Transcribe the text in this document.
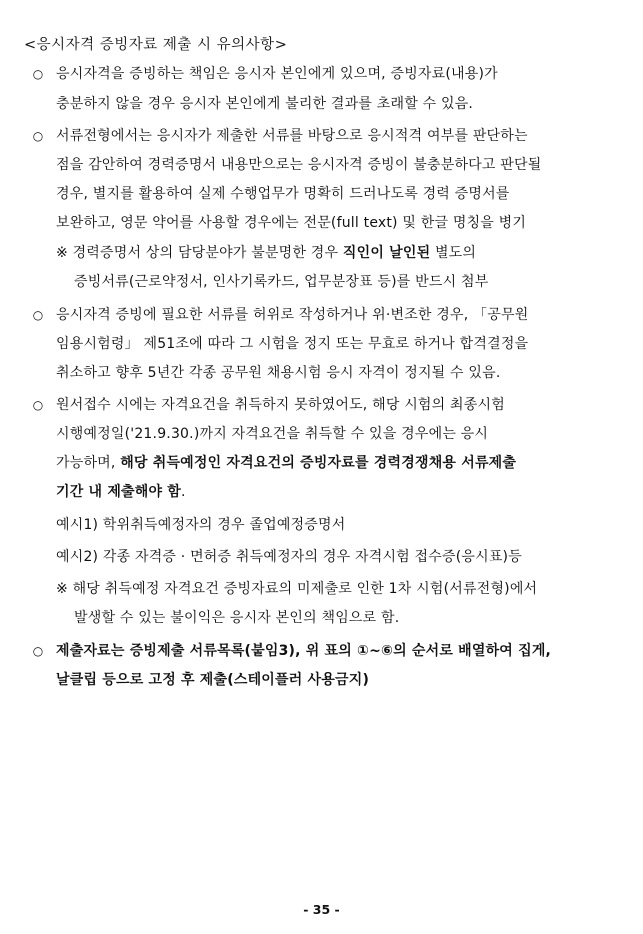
<응시자격 증빙자료 제출 시 유의사항>
○ 응시자격을 증빙하는 책임은 응시자 본인에게 있으며, 증빙자료(내용)가
충분하지 않을 경우 응시자 본인에게 불리한 결과를 초래할 수 있음.
○ 서류전형에서는 응시자가 제출한 서류를 바탕으로 응시적격 여부를 판단하는
점을 감안하여 경력증명서 내용만으로는 응시자격 증빙이 불충분하다고 판단될
경우, 별지를 활용하여 실제 수행업무가 명확히 드러나도록 경력 증명서를
보완하고, 영문 약어를 사용할 경우에는 전문(full text) 및 한글 명칭을 병기
※ 경력증명서 상의 담당분야가 불분명한 경우 직인이 날인된 별도의
증빙서류(근로약정서, 인사기록카드, 업무분장표 등)를 반드시 첨부
○ 응시자격 증빙에 필요한 서류를 허위로 작성하거나 위·변조한 경우, 「공무원
임용시험령」 제51조에 따라 그 시험을 정지 또는 무효로 하거나 합격결정을
취소하고 향후 5년간 각종 공무원 채용시험 응시 자격이 정지될 수 있음.
○ 원서접수 시에는 자격요건을 취득하지 못하였어도, 해당 시험의 최종시험
시행예정일('21.9.30.)까지 자격요건을 취득할 수 있을 경우에는 응시
가능하며, 해당 취득예정인 자격요건의 증빙자료를 경력경쟁채용 서류제출
기간 내 제출해야 함.
예시1) 학위취득예정자의 경우 졸업예정증명서
예시2) 각종 자격증 · 면허증 취득예정자의 경우 자격시험 접수증(응시표)등
※ 해당 취득예정 자격요건 증빙자료의 미제출로 인한 1차 시험(서류전형)에서
발생할 수 있는 불이익은 응시자 본인의 책임으로 함.
○ 제출자료는 증빙제출 서류목록(붙임3), 위 표의 ①~⑥의 순서로 배열하여 집게,
날클립 등으로 고정 후 제출(스테이플러 사용금지)
- 35 -
